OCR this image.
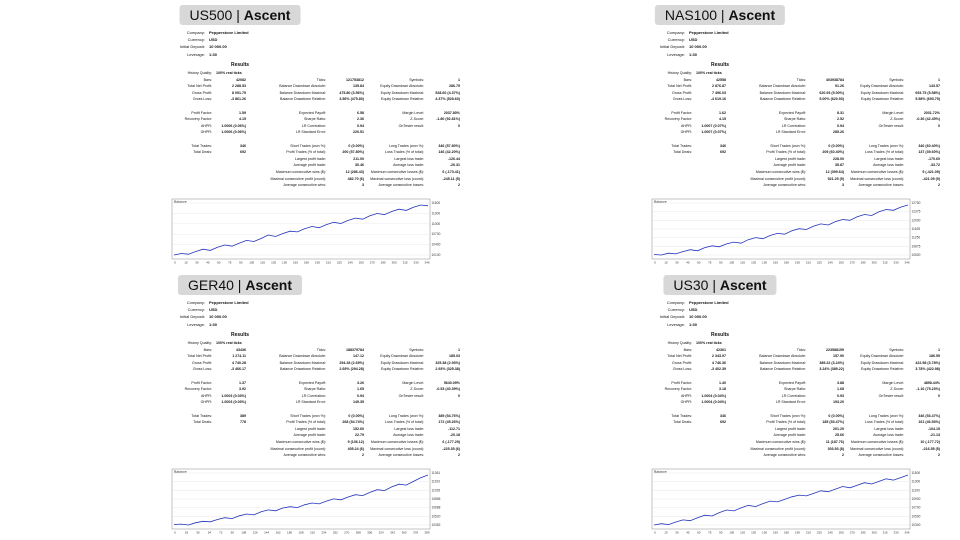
US500 | Ascent
Company:	Pepperstone Limited
Currency:	USD
Initial Deposit:	10 000.00
Leverage:	1:30
Results
History Quality: 100% real ticks
Bars:	42082	Ticks:	121753812	Symbols:	1
Total Net Profit:	2 288.53	Balance Drawdown Absolute:	135.84	Equity Drawdown Absolute:	286.75
Gross Profit:	8 091.79	Balance Drawdown Maximal:	475.80 (3.56%)	Equity Drawdown Maximal:	528.60 (4.37%)
Gross Loss:	-3 861.26	Balance Drawdown Relative:	3.56% (475.80)	Equity Drawdown Relative:	4.37% (528.60)
Profit Factor:	1.59	Expected Payoff:	6.58	Margin Level:	2037.80%
Recovery Factor:	4.15	Sharpe Ratio:	2.36	Z-Score:	-1.80 (92.81%)
AHPR:	1.0006 (0.06%)	LR Correlation:	0.94	OnTester result:	0
GHPR:	1.0006 (0.06%)	LR Standard Error:	220.51
Total Trades:	346	Short Trades (won %):	0 (0.00%)	Long Trades (won %):	346 (57.80%)
Total Deals:	692	Profit Trades (% of total):	200 (57.80%)	Loss Trades (% of total):	146 (42.20%)
Largest profit trade:	211.00	Largest loss trade:	-126.44
Average profit trade:	30.46	Average loss trade:	-26.31
Maximum consecutive wins ($):	12 (286.43)	Maximum consecutive losses ($):	6 (-173.41)
Maximal consecutive profit (count):	482.70 (6)	Maximal consecutive loss (count):	-245.11 (5)
Average consecutive wins:	3	Average consecutive losses:	2
Balance	11600
11300
11000
10700
10400
10100
0	15	30	45	60	75	90 105 120 135 150 165 180 195 210 225 240 255 270 285 300 315 330 346
NAS100 | Ascent
Company:	Pepperstone Limited
Currency:	USD
Initial Deposit:	10 000.00
Leverage:	1:30
Results
History Quality: 100% real ticks
Bars:	42558	Ticks:	403938784	Symbols:	1
Total Net Profit:	2 876.87	Balance Drawdown Absolute:	91.26	Equity Drawdown Absolute:	143.57
Gross Profit:	7 496.03	Balance Drawdown Maximal:	620.93 (5.00%)	Equity Drawdown Maximal:	693.75 (5.58%)
Gross Loss:	-4 619.16	Balance Drawdown Relative:	5.00% (620.93)	Equity Drawdown Relative:	5.58% (693.75)
Profit Factor:	1.62	Expected Payoff:	8.31	Margin Level:	2031.72%
Recovery Factor:	4.15	Sharpe Ratio:	2.52	Z-Score:	-0.36 (42.45%)
AHPR:	1.0007 (0.07%)	LR Correlation:	0.94	OnTester result:	0
GHPR:	1.0007 (0.07%)	LR Standard Error:	285.26
Total Trades:	346	Short Trades (won %):	0 (0.00%)	Long Trades (won %):	346 (60.40%)
Total Deals:	692	Profit Trades (% of total):	209 (60.40%)	Loss Trades (% of total):	137 (39.60%)
Largest profit trade:	228.00	Largest loss trade:	-170.60
Average profit trade:	35.87	Average loss trade:	-33.72
Maximum consecutive wins ($):	12 (399.64)	Maximum consecutive losses ($):	9 (-421.09)
Maximal consecutive profit (count):	521.25 (9)	Maximal consecutive loss (count):	-421.09 (9)
Average consecutive wins:	3	Average consecutive losses:	2
Balance	12750
12375
12000
11625
11250
10875
10500
0	15	30	45	60	75	90 105 120 135 150 165 180 195 210 225 240 255 270 285 300 315 330 346
GER40 | Ascent
Company:	Pepperstone Limited
Currency:	USD
Initial Deposit:	10 000.00
Leverage:	1:30
Results
History Quality: 100% real ticks
Bars:	43436	Ticks:	188379784	Symbols:	1
Total Net Profit:	1 274.11	Balance Drawdown Absolute:	147.12	Equity Drawdown Absolute:	185.03
Gross Profit:	4 740.28	Balance Drawdown Maximal:	294.28 (2.69%)	Equity Drawdown Maximal:	325.38 (2.93%)
Gross Loss:	-3 466.17	Balance Drawdown Relative:	2.69% (294.28)	Equity Drawdown Relative:	2.93% (325.38)
Profit Factor:	1.37	Expected Payoff:	3.26	Margin Level:	5640.09%
Recovery Factor:	3.92	Sharpe Ratio:	1.65	Z-Score:	-0.53 (40.39%)
AHPR:	1.0003 (0.03%)	LR Correlation:	0.94	OnTester result:	0
GHPR:	1.0003 (0.03%)	LR Standard Error:	149.35
Total Trades:	389	Short Trades (won %):	0 (0.00%)	Long Trades (won %):	389 (54.76%)
Total Deals:	778	Profit Trades (% of total):	268 (54.74%)	Loss Trades (% of total):	172 (45.26%)
Largest profit trade:	152.60	Largest loss trade:	-112.71
Average profit trade:	22.79	Average loss trade:	-20.18
Maximum consecutive wins ($):	9 (136.12)	Maximum consecutive losses ($):	6 (-177.29)
Maximal consecutive profit (count):	405.24 (6)	Maximal consecutive loss (count):	-225.35 (6)
Average consecutive wins:	2	Average consecutive losses:	2
Balance	11361
11193
11025
10856
10688
10520
10352
0	18	36	54	72	90 108 126 144 162 180 198 216 234 252 270 288 306 324 342 360 378 389
US30 | Ascent
Company:	Pepperstone Limited
Currency:	USD
Initial Deposit:	10 000.00
Leverage:	1:30
Results
History Quality: 100% real ticks
Bars:	42361	Ticks:	223588159	Symbols:	1
Total Net Profit:	2 343.97	Balance Drawdown Absolute:	157.90	Equity Drawdown Absolute:	186.59
Gross Profit:	4 746.36	Balance Drawdown Maximal:	389.22 (3.24%)	Equity Drawdown Maximal:	422.98 (3.78%)
Gross Loss:	-3 402.39	Balance Drawdown Relative:	3.24% (389.22)	Equity Drawdown Relative:	3.78% (422.98)
Profit Factor:	1.40	Expected Payoff:	3.88	Margin Level:	4898.44%
Recovery Factor:	3.18	Sharpe Ratio:	1.68	Z-Score:	-1.16 (75.23%)
AHPR:	1.0004 (0.04%)	LR Correlation:	0.93	OnTester result:	0
GHPR:	1.0004 (0.04%)	LR Standard Error:	193.20
Total Trades:	346	Short Trades (won %):	0 (0.00%)	Long Trades (won %):	346 (53.47%)
Total Deals:	692	Profit Trades (% of total):	185 (53.47%)	Loss Trades (% of total):	161 (46.53%)
Largest profit trade:	201.20	Largest loss trade:	-104.15
Average profit trade:	25.66	Average loss trade:	-21.13
Maximum consecutive wins ($):	11 (187.76)	Maximum consecutive losses ($):	10 (-177.72)
Maximal consecutive profit (count):	303.93 (8)	Maximal consecutive loss (count):	-216.55 (5)
Average consecutive wins:	2	Average consecutive losses:	2
Balance	11500
11300
11100
10900
10700
10500
10300
0	15	30	45	60	75	90 105 120 135 150 165 180 195 210 225 240 255 270 285 300 315 330 346
